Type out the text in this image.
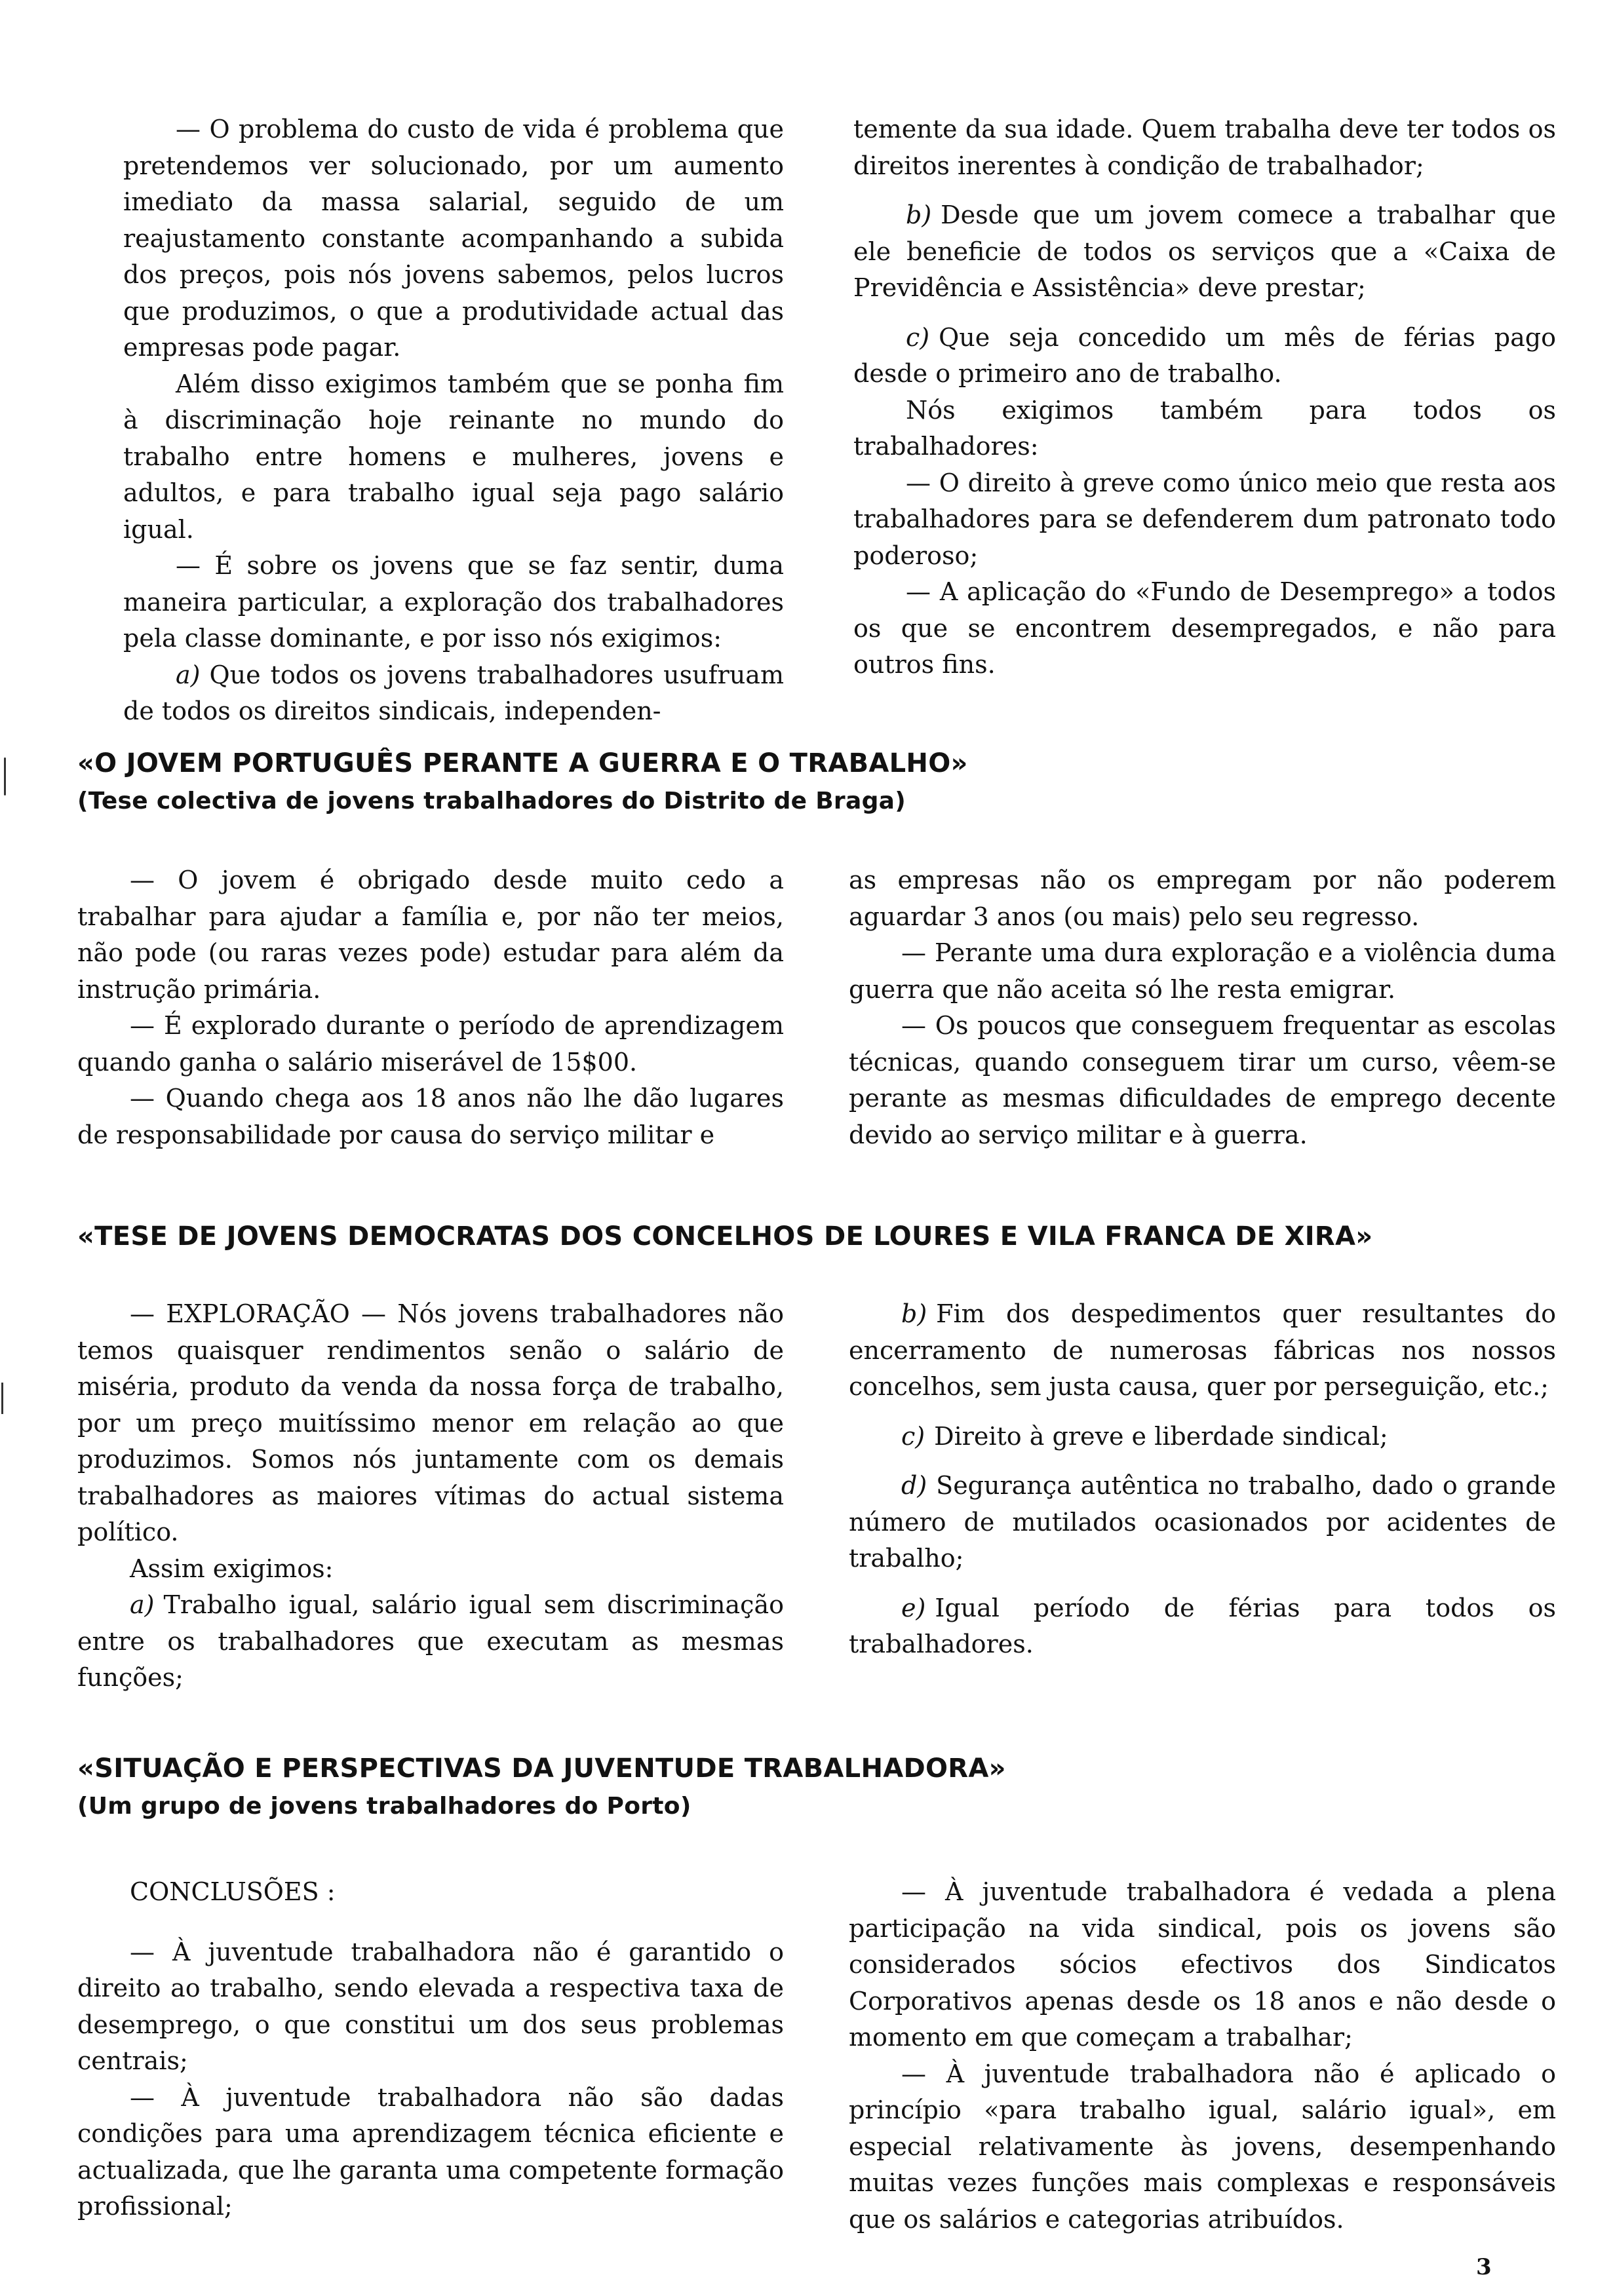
— O problema do custo de vida é problema que pretendemos ver solucionado, por um aumento imediato da massa salarial, seguido de um reajustamento constante acompanhando a subida dos preços, pois nós jovens sabemos, pelos lucros que produzimos, o que a produtividade actual das empresas pode pagar.

Além disso exigimos também que se ponha fim à discriminação hoje reinante no mundo do trabalho entre homens e mulheres, jovens e adultos, e para trabalho igual seja pago salário igual.

— É sobre os jovens que se faz sentir, duma maneira particular, a exploração dos trabalhadores pela classe dominante, e por isso nós exigimos:

a) Que todos os jovens trabalhadores usufruam de todos os direitos sindicais, independen-

temente da sua idade. Quem trabalha deve ter todos os direitos inerentes à condição de trabalhador;

b) Desde que um jovem comece a trabalhar que ele beneficie de todos os serviços que a «Caixa de Previdência e Assistência» deve prestar;

c) Que seja concedido um mês de férias pago desde o primeiro ano de trabalho.

Nós exigimos também para todos os trabalhadores:

— O direito à greve como único meio que resta aos trabalhadores para se defenderem dum patronato todo poderoso;

— A aplicação do «Fundo de Desemprego» a todos os que se encontrem desempregados, e não para outros fins.

«O JOVEM PORTUGUÊS PERANTE A GUERRA E O TRABALHO»
(Tese colectiva de jovens trabalhadores do Distrito de Braga)

— O jovem é obrigado desde muito cedo a trabalhar para ajudar a família e, por não ter meios, não pode (ou raras vezes pode) estudar para além da instrução primária.

— É explorado durante o período de aprendizagem quando ganha o salário miserável de 15$00.

— Quando chega aos 18 anos não lhe dão lugares de responsabilidade por causa do serviço militar e

as empresas não os empregam por não poderem aguardar 3 anos (ou mais) pelo seu regresso.

— Perante uma dura exploração e a violência duma guerra que não aceita só lhe resta emigrar.

— Os poucos que conseguem frequentar as escolas técnicas, quando conseguem tirar um curso, vêem-se perante as mesmas dificuldades de emprego decente devido ao serviço militar e à guerra.

«TESE DE JOVENS DEMOCRATAS DOS CONCELHOS DE LOURES E VILA FRANCA DE XIRA»

— EXPLORAÇÃO — Nós jovens trabalhadores não temos quaisquer rendimentos senão o salário de miséria, produto da venda da nossa força de trabalho, por um preço muitíssimo menor em relação ao que produzimos. Somos nós juntamente com os demais trabalhadores as maiores vítimas do actual sistema político.

Assim exigimos:

a) Trabalho igual, salário igual sem discriminação entre os trabalhadores que executam as mesmas funções;

b) Fim dos despedimentos quer resultantes do encerramento de numerosas fábricas nos nossos concelhos, sem justa causa, quer por perseguição, etc.;

c) Direito à greve e liberdade sindical;

d) Segurança autêntica no trabalho, dado o grande número de mutilados ocasionados por acidentes de trabalho;

e) Igual período de férias para todos os trabalhadores.

«SITUAÇÃO E PERSPECTIVAS DA JUVENTUDE TRABALHADORA»
(Um grupo de jovens trabalhadores do Porto)

CONCLUSÕES :

— À juventude trabalhadora não é garantido o direito ao trabalho, sendo elevada a respectiva taxa de desemprego, o que constitui um dos seus problemas centrais;

— À juventude trabalhadora não são dadas condições para uma aprendizagem técnica eficiente e actualizada, que lhe garanta uma competente formação profissional;

— À juventude trabalhadora é vedada a plena participação na vida sindical, pois os jovens são considerados sócios efectivos dos Sindicatos Corporativos apenas desde os 18 anos e não desde o momento em que começam a trabalhar;

— À juventude trabalhadora não é aplicado o princípio «para trabalho igual, salário igual», em especial relativamente às jovens, desempenhando muitas vezes funções mais complexas e responsáveis que os salários e categorias atribuídos.

3
